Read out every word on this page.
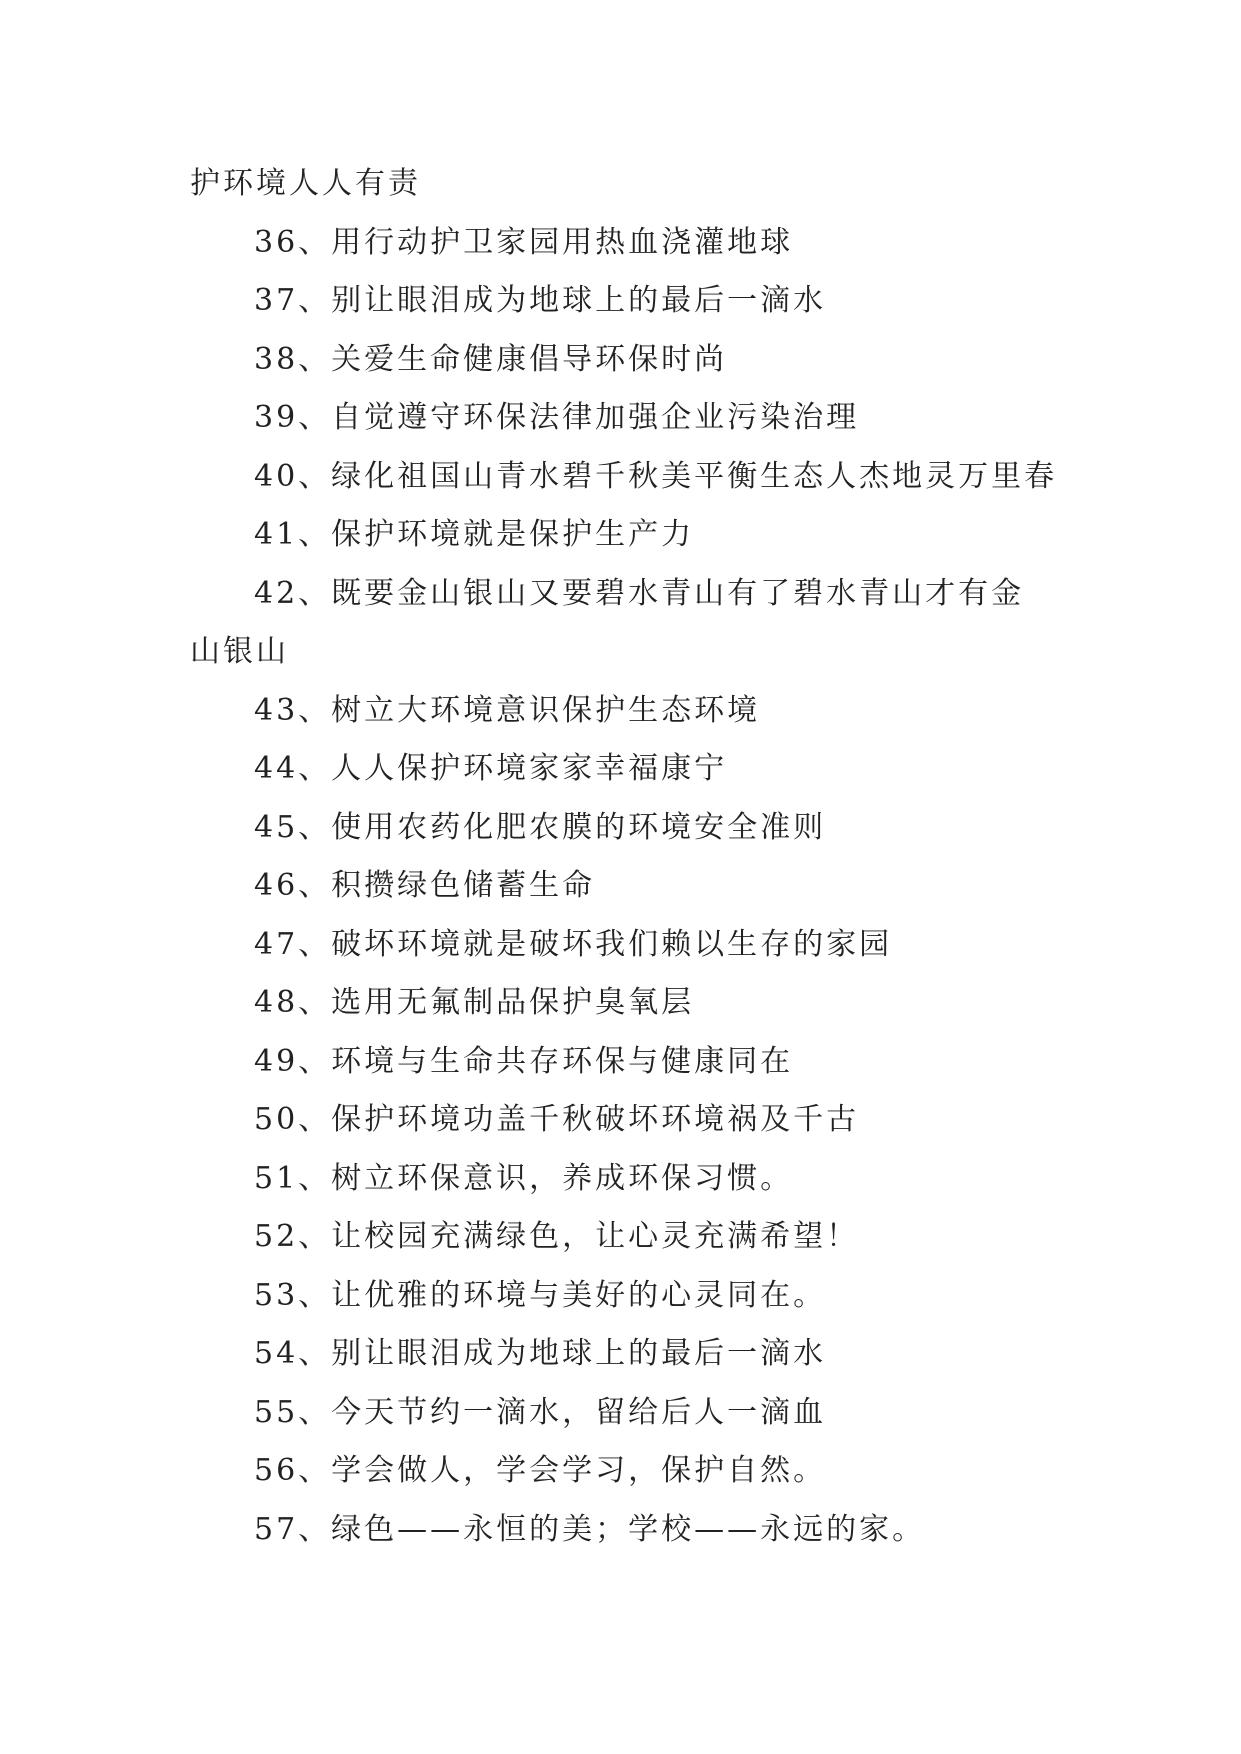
护环境人人有责

36、用行动护卫家园用热血浇灌地球

37、别让眼泪成为地球上的最后一滴水

38、关爱生命健康倡导环保时尚

39、自觉遵守环保法律加强企业污染治理

40、绿化祖国山青水碧千秋美平衡生态人杰地灵万里春

41、保护环境就是保护生产力

42、既要金山银山又要碧水青山有了碧水青山才有金山银山

43、树立大环境意识保护生态环境

44、人人保护环境家家幸福康宁

45、使用农药化肥农膜的环境安全准则

46、积攒绿色储蓄生命

47、破坏环境就是破坏我们赖以生存的家园

48、选用无氟制品保护臭氧层

49、环境与生命共存环保与健康同在

50、保护环境功盖千秋破坏环境祸及千古

51、树立环保意识，养成环保习惯。

52、让校园充满绿色，让心灵充满希望！

53、让优雅的环境与美好的心灵同在。

54、别让眼泪成为地球上的最后一滴水

55、今天节约一滴水，留给后人一滴血

56、学会做人，学会学习，保护自然。

57、绿色——永恒的美；学校——永远的家。
